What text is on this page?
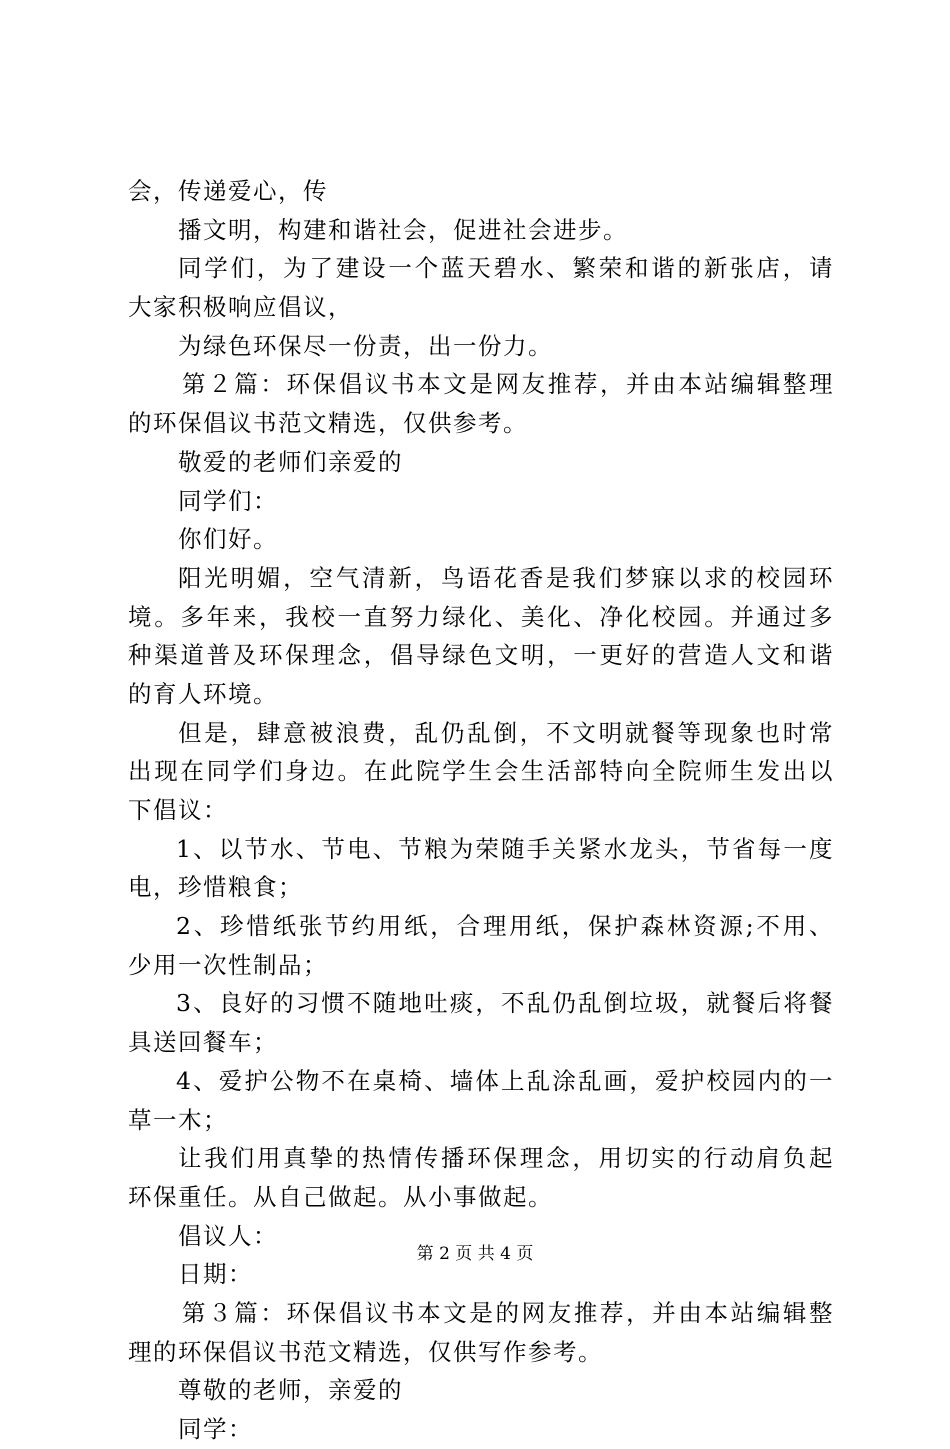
会，传递爱心，传
播文明，构建和谐社会，促进社会进步。
同学们，为了建设一个蓝天碧水、繁荣和谐的新张店，请
大家积极响应倡议，
为绿色环保尽一份责，出一份力。
第２篇：环保倡议书本文是网友推荐，并由本站编辑整理
的环保倡议书范文精选，仅供参考。
敬爱的老师们亲爱的
同学们：
你们好。
阳光明媚，空气清新，鸟语花香是我们梦寐以求的校园环
境。多年来，我校一直努力绿化、美化、净化校园。并通过多
种渠道普及环保理念，倡导绿色文明，一更好的营造人文和谐
的育人环境。
但是，肆意被浪费，乱仍乱倒，不文明就餐等现象也时常
出现在同学们身边。在此院学生会生活部特向全院师生发出以
下倡议：
1、以节水、节电、节粮为荣随手关紧水龙头，节省每一度
电，珍惜粮食；
2、珍惜纸张节约用纸，合理用纸，保护森林资源;不用、
少用一次性制品；
3、良好的习惯不随地吐痰，不乱仍乱倒垃圾，就餐后将餐
具送回餐车；
4、爱护公物不在桌椅、墙体上乱涂乱画，爱护校园内的一
草一木；
让我们用真挚的热情传播环保理念，用切实的行动肩负起
环保重任。从自己做起。从小事做起。
倡议人：
日期：
第３篇：环保倡议书本文是的网友推荐，并由本站编辑整
理的环保倡议书范文精选，仅供写作参考。
尊敬的老师，亲爱的
同学：
第 2 页 共 4 页
